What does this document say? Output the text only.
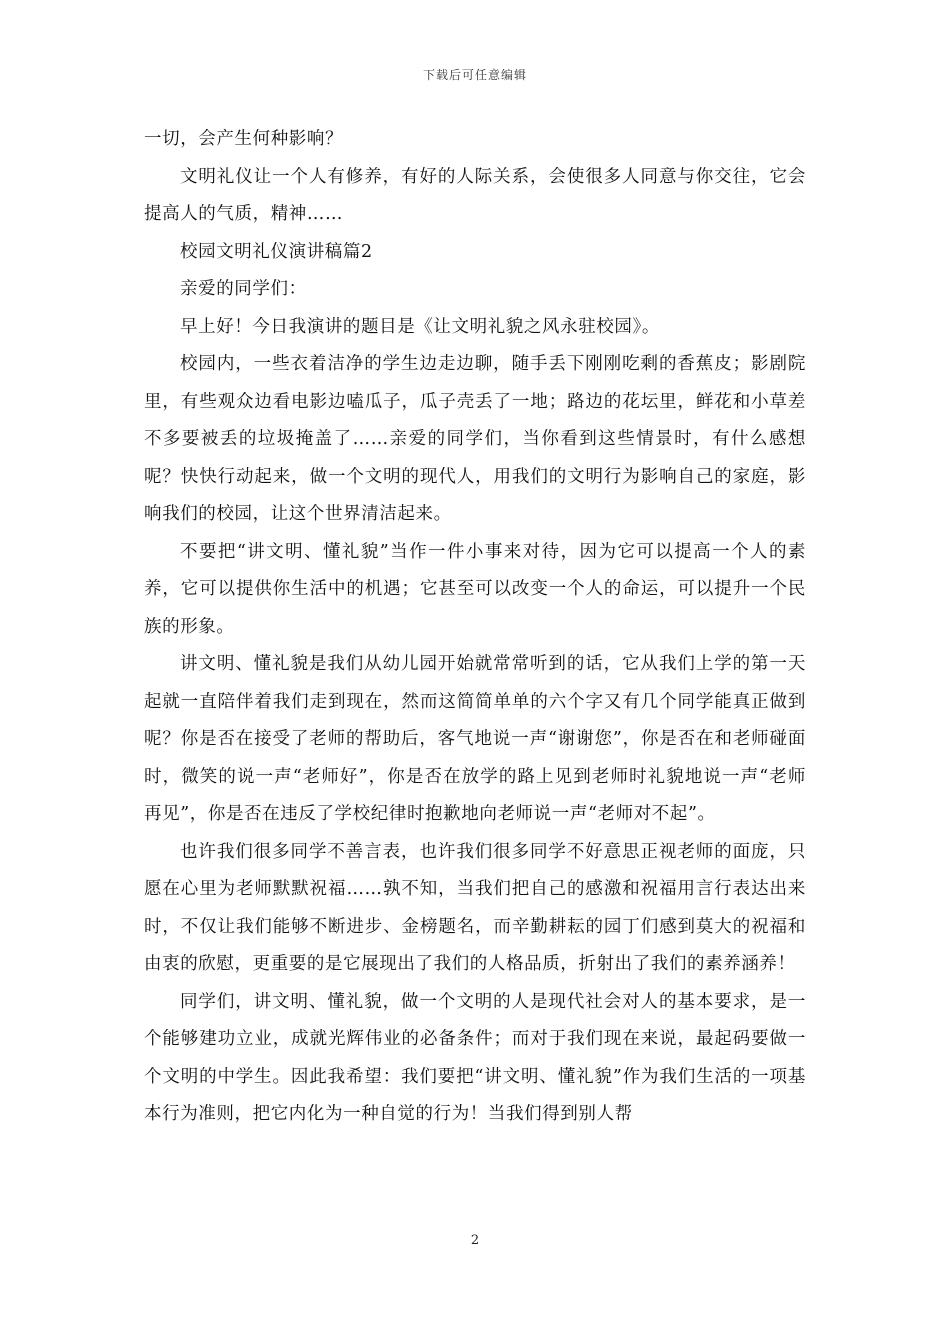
下载后可任意编辑

一切，会产生何种影响？

文明礼仪让一个人有修养，有好的人际关系，会使很多人同意与你交往，它会提高人的气质，精神……

校园文明礼仪演讲稿篇2

亲爱的同学们：

早上好！今日我演讲的题目是《让文明礼貌之风永驻校园》。

校园内，一些衣着洁净的学生边走边聊，随手丢下刚刚吃剩的香蕉皮；影剧院里，有些观众边看电影边嗑瓜子，瓜子壳丢了一地；路边的花坛里，鲜花和小草差不多要被丢的垃圾掩盖了……亲爱的同学们，当你看到这些情景时，有什么感想呢？快快行动起来，做一个文明的现代人，用我们的文明行为影响自己的家庭，影响我们的校园，让这个世界清洁起来。

不要把“讲文明、懂礼貌”当作一件小事来对待，因为它可以提高一个人的素养，它可以提供你生活中的机遇；它甚至可以改变一个人的命运，可以提升一个民族的形象。

讲文明、懂礼貌是我们从幼儿园开始就常常听到的话，它从我们上学的第一天起就一直陪伴着我们走到现在，然而这简简单单的六个字又有几个同学能真正做到呢？你是否在接受了老师的帮助后，客气地说一声“谢谢您”，你是否在和老师碰面时，微笑的说一声“老师好”，你是否在放学的路上见到老师时礼貌地说一声“老师再见”，你是否在违反了学校纪律时抱歉地向老师说一声“老师对不起”。

也许我们很多同学不善言表，也许我们很多同学不好意思正视老师的面庞，只愿在心里为老师默默祝福……孰不知，当我们把自己的感激和祝福用言行表达出来时，不仅让我们能够不断进步、金榜题名，而辛勤耕耘的园丁们感到莫大的祝福和由衷的欣慰，更重要的是它展现出了我们的人格品质，折射出了我们的素养涵养！

同学们，讲文明、懂礼貌，做一个文明的人是现代社会对人的基本要求，是一个能够建功立业，成就光辉伟业的必备条件；而对于我们现在来说，最起码要做一个文明的中学生。因此我希望：我们要把“讲文明、懂礼貌”作为我们生活的一项基本行为准则，把它内化为一种自觉的行为！当我们得到别人帮

2
